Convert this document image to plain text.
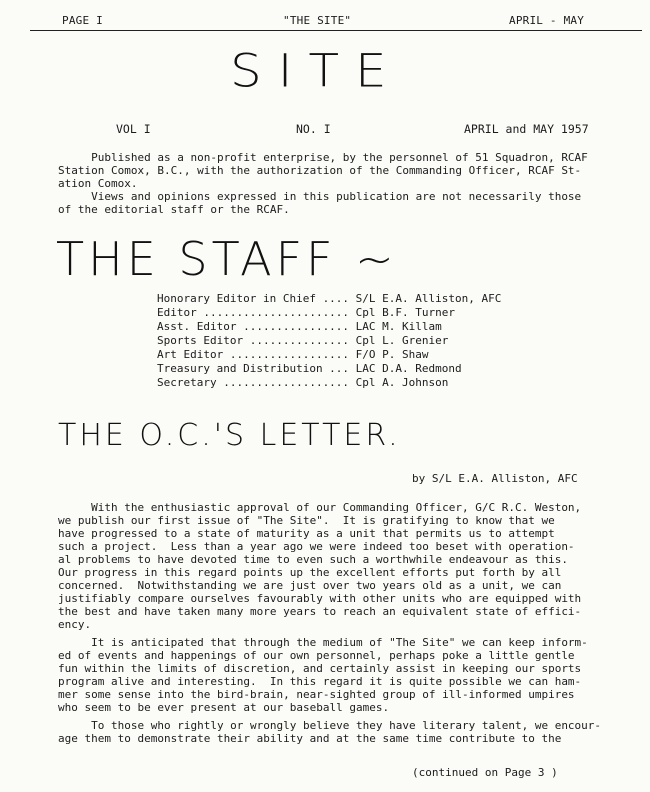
PAGE I	"THE SITE"	APRIL - MAY
SITE
VOL I	NO. I	APRIL and MAY 1957
Published as a non-profit enterprise, by the personnel of 51 Squadron, RCAF
Station Comox, B.C., with the authorization of the Commanding Officer, RCAF St-
ation Comox.
Views and opinions expressed in this publication are not necessarily those
of the editorial staff or the RCAF.
THE STAFF ~
Honorary Editor in Chief .... S/L E.A. Alliston, AFC
Editor ...................... Cpl B.F. Turner
Asst. Editor ................ LAC M. Killam
Sports Editor ............... Cpl L. Grenier
Art Editor .................. F/O P. Shaw
Treasury and Distribution ... LAC D.A. Redmond
Secretary ................... Cpl A. Johnson
THE O.C.'S LETTER.
by S/L E.A. Alliston, AFC
With the enthusiastic approval of our Commanding Officer, G/C R.C. Weston,
we publish our first issue of "The Site".  It is gratifying to know that we
have progressed to a state of maturity as a unit that permits us to attempt
such a project.  Less than a year ago we were indeed too beset with operation-
al problems to have devoted time to even such a worthwhile endeavour as this.
Our progress in this regard points up the excellent efforts put forth by all
concerned.  Notwithstanding we are just over two years old as a unit, we can
justifiably compare ourselves favourably with other units who are equipped with
the best and have taken many more years to reach an equivalent state of effici-
ency.
It is anticipated that through the medium of "The Site" we can keep inform-
ed of events and happenings of our own personnel, perhaps poke a little gentle
fun within the limits of discretion, and certainly assist in keeping our sports
program alive and interesting.  In this regard it is quite possible we can ham-
mer some sense into the bird-brain, near-sighted group of ill-informed umpires
who seem to be ever present at our baseball games.
To those who rightly or wrongly believe they have literary talent, we encour-
age them to demonstrate their ability and at the same time contribute to the
(continued on Page 3 )
